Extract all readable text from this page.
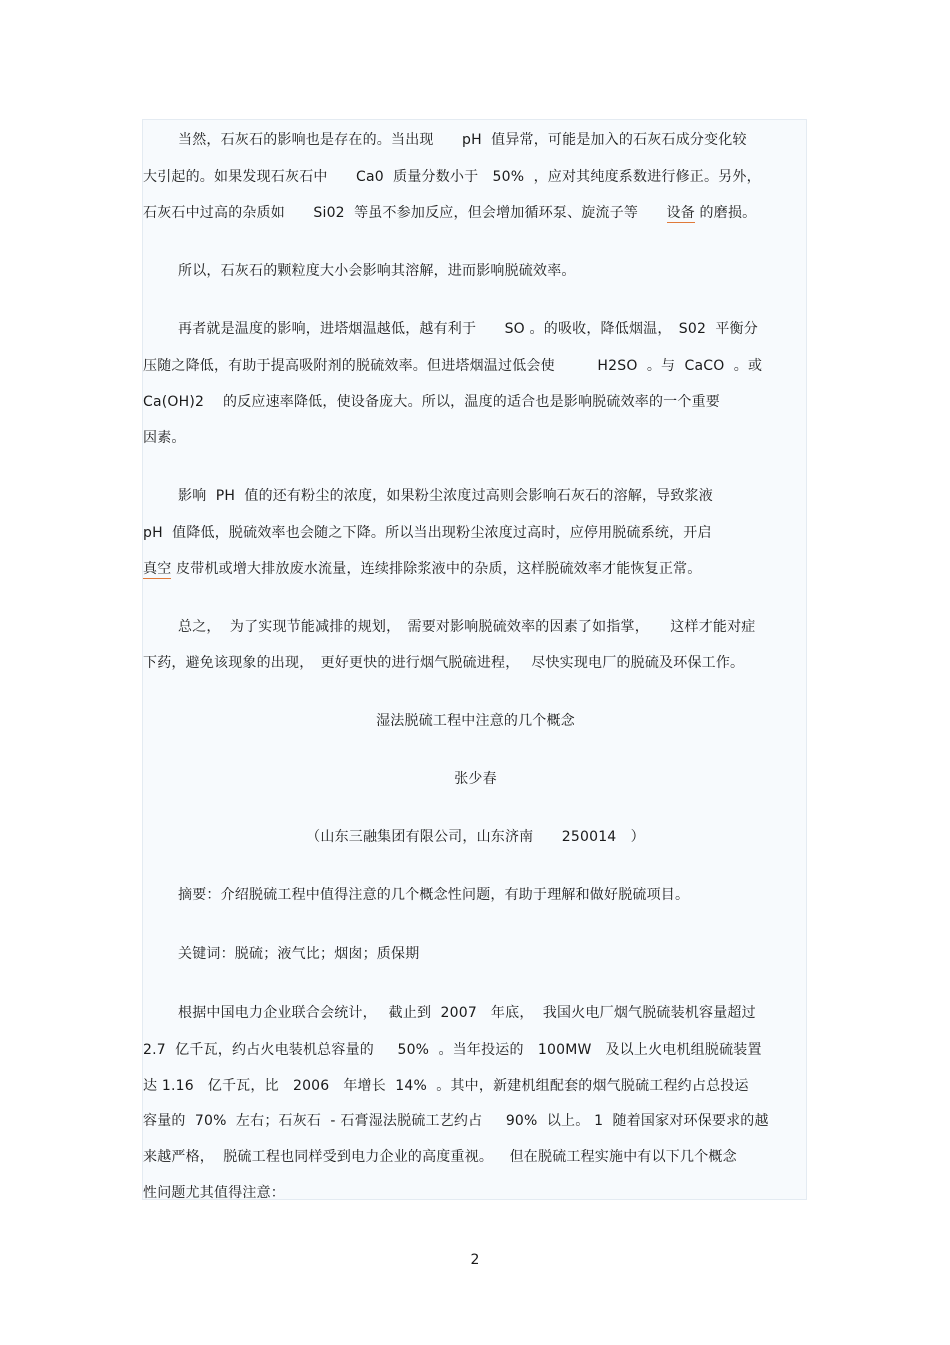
当然，石灰石的影响也是存在的。当出现　　pH  值异常，可能是加入的石灰石成分变化较
大引起的。如果发现石灰石中　　Ca0  质量分数小于　50%  ，应对其纯度系数进行修正。另外，
石灰石中过高的杂质如　　Si02  等虽不参加反应，但会增加循环泵、旋流子等　　设备 的磨损。
所以，石灰石的颗粒度大小会影响其溶解，进而影响脱硫效率。
再者就是温度的影响，进塔烟温越低，越有利于　　SO 。的吸收，降低烟温，　S02  平衡分
压随之降低，有助于提高吸附剂的脱硫效率。但进塔烟温过低会使　　　H2SO  。与  CaCO  。或
Ca(OH)2　 的反应速率降低，使设备庞大。所以，温度的适合也是影响脱硫效率的一个重要
因素。
影响  PH  值的还有粉尘的浓度，如果粉尘浓度过高则会影响石灰石的溶解，导致浆液
pH  值降低，脱硫效率也会随之下降。所以当出现粉尘浓度过高时，应停用脱硫系统，开启
真空 皮带机或增大排放废水流量，连续排除浆液中的杂质，这样脱硫效率才能恢复正常。
总之，  为了实现节能减排的规划，　需要对影响脱硫效率的因素了如指掌，　　这样才能对症
下药，避免该现象的出现，　更好更快的进行烟气脱硫进程，　 尽快实现电厂的脱硫及环保工作。
湿法脱硫工程中注意的几个概念
张少春
（山东三融集团有限公司，山东济南　　250014　）
摘要：介绍脱硫工程中值得注意的几个概念性问题，有助于理解和做好脱硫项目。
关键词：脱硫；液气比；烟囱；质保期
根据中国电力企业联合会统计，　 截止到  2007   年底，  我国火电厂烟气脱硫装机容量超过
2.7  亿千瓦，约占火电装机总容量的　  50%  。当年投运的　100MW   及以上火电机组脱硫装置
达 1.16   亿千瓦，比　2006   年增长  14%  。其中，新建机组配套的烟气脱硫工程约占总投运
容量的  70%  左右；石灰石  - 石膏湿法脱硫工艺约占　  90%  以上。 1  随着国家对环保要求的越
来越严格，  脱硫工程也同样受到电力企业的高度重视。　  但在脱硫工程实施中有以下几个概念
性问题尤其值得注意：
2
